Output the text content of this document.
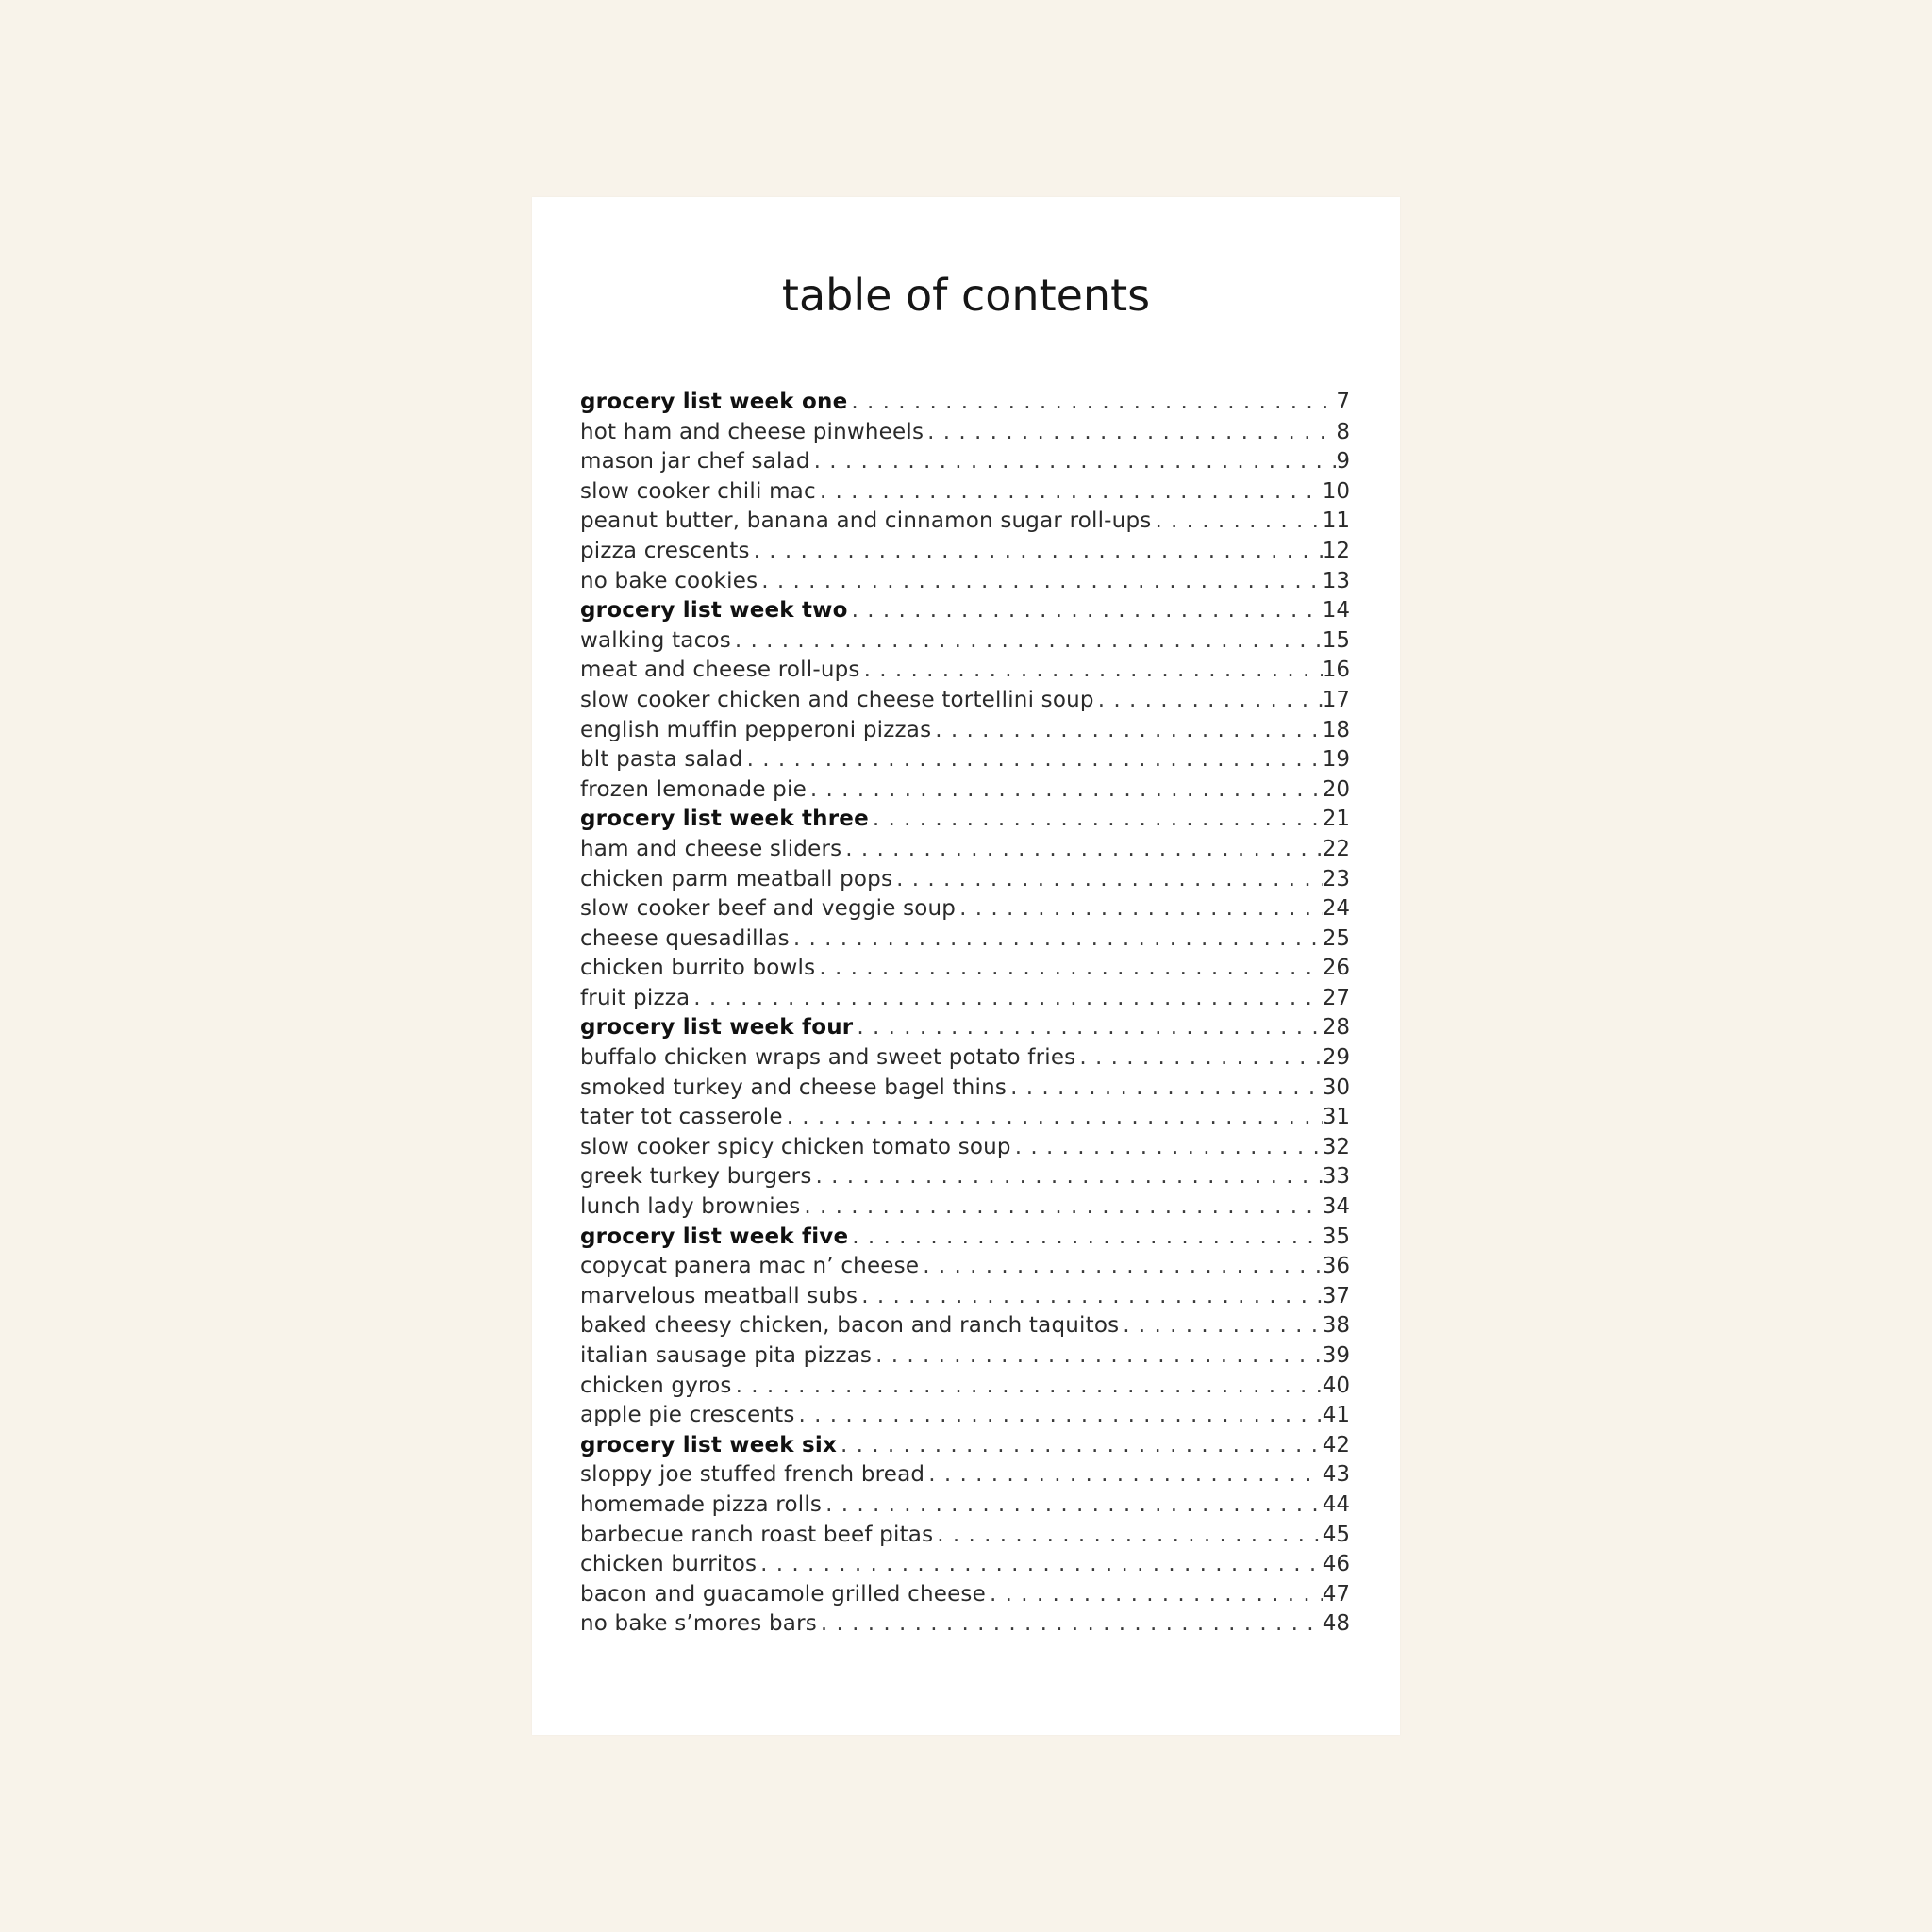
table of contents
grocery list week one . . .	7
hot ham and cheese pinwheels . . .	8
mason jar chef salad . . .	9
slow cooker chili mac . . .	10
peanut butter, banana and cinnamon sugar roll-ups . . .	11
pizza crescents . . .	12
no bake cookies . . .	13
grocery list week two . . .	14
walking tacos . . .	15
meat and cheese roll-ups . . .	16
slow cooker chicken and cheese tortellini soup . . .	17
english muffin pepperoni pizzas . . .	18
blt pasta salad . . .	19
frozen lemonade pie . . .	20
grocery list week three . . .	21
ham and cheese sliders . . .	22
chicken parm meatball pops . . .	23
slow cooker beef and veggie soup . . .	24
cheese quesadillas . . .	25
chicken burrito bowls . . .	26
fruit pizza . . .	27
grocery list week four . . .	28
buffalo chicken wraps and sweet potato fries . . .	29
smoked turkey and cheese bagel thins . . .	30
tater tot casserole . . .	31
slow cooker spicy chicken tomato soup . . .	32
greek turkey burgers . . .	33
lunch lady brownies . . .	34
grocery list week five . . .	35
copycat panera mac n’ cheese . . .	36
marvelous meatball subs . . .	37
baked cheesy chicken, bacon and ranch taquitos . . .	38
italian sausage pita pizzas . . .	39
chicken gyros . . .	40
apple pie crescents . . .	41
grocery list week six . . .	42
sloppy joe stuffed french bread . . .	43
homemade pizza rolls . . .	44
barbecue ranch roast beef pitas . . .	45
chicken burritos . . .	46
bacon and guacamole grilled cheese . . .	47
no bake s’mores bars . . .	48
